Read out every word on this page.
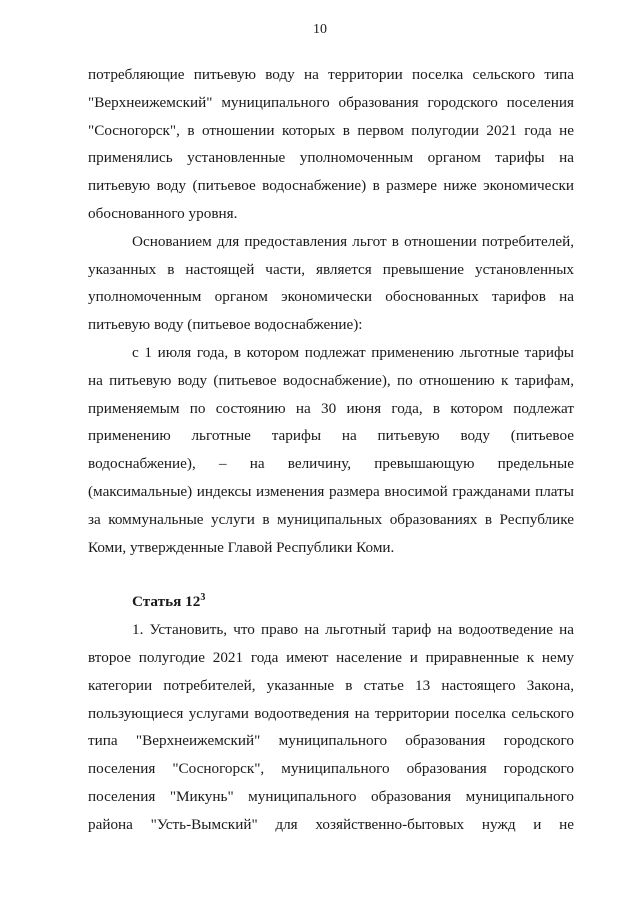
10
потребляющие питьевую воду на территории поселка сельского типа
"Верхнеижемский" муниципального образования городского поселения
"Сосногорск", в отношении которых в первом полугодии 2021 года не
применялись установленные уполномоченным органом тарифы на
питьевую воду (питьевое водоснабжение) в размере ниже экономически
обоснованного уровня.
Основанием для предоставления льгот в отношении потребителей,
указанных в настоящей части, является превышение установленных
уполномоченным органом экономически обоснованных тарифов на
питьевую воду (питьевое водоснабжение):
с 1 июля года, в котором подлежат применению льготные тарифы
на питьевую воду (питьевое водоснабжение), по отношению к тарифам,
применяемым по состоянию на 30 июня года, в котором подлежат
применению льготные тарифы на питьевую воду (питьевое
водоснабжение), – на величину, превышающую предельные
(максимальные) индексы изменения размера вносимой гражданами платы
за коммунальные услуги в муниципальных образованиях в Республике
Коми, утвержденные Главой Республики Коми.
Статья $12^3$
1. Установить, что право на льготный тариф на водоотведение на
второе полугодие 2021 года имеют население и приравненные к нему
категории потребителей, указанные в статье 13 настоящего Закона,
пользующиеся услугами водоотведения на территории поселка сельского
типа "Верхнеижемский" муниципального образования городского
поселения "Сосногорск", муниципального образования городского
поселения "Микунь" муниципального образования муниципального
района "Усть-Вымский" для хозяйственно-бытовых нужд и не
